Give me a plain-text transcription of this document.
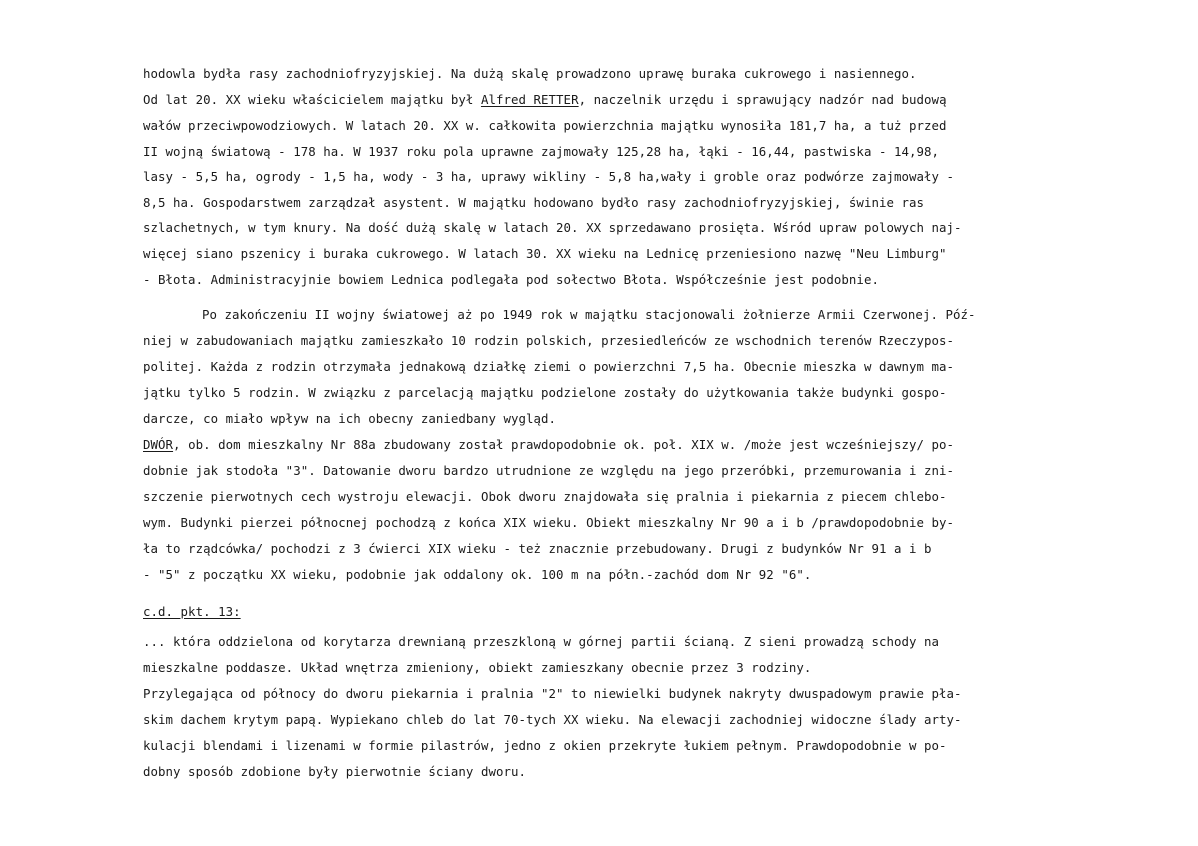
hodowla bydła rasy zachodniofryzyjskiej. Na dużą skalę prowadzono uprawę buraka cukrowego i nasiennego.
Od lat 20. XX wieku właścicielem majątku był Alfred RETTER, naczelnik urzędu i sprawujący nadzór nad budową
wałów przeciwpowodziowych. W latach 20. XX w. całkowita powierzchnia majątku wynosiła 181,7 ha, a tuż przed
II wojną światową - 178 ha. W 1937 roku pola uprawne zajmowały 125,28 ha, łąki - 16,44, pastwiska - 14,98,
lasy - 5,5 ha, ogrody - 1,5 ha, wody - 3 ha, uprawy wikliny - 5,8 ha,wały i groble oraz podwórze zajmowały -
8,5 ha. Gospodarstwem zarządzał asystent. W majątku hodowano bydło rasy zachodniofryzyjskiej, świnie ras
szlachetnych, w tym knury. Na dość dużą skalę w latach 20. XX sprzedawano prosięta. Wśród upraw polowych naj-
więcej siano pszenicy i buraka cukrowego. W latach 30. XX wieku na Lednicę przeniesiono nazwę "Neu Limburg"
- Błota. Administracyjnie bowiem Lednica podlegała pod sołectwo Błota. Współcześnie jest podobnie.
Po zakończeniu II wojny światowej aż po 1949 rok w majątku stacjonowali żołnierze Armii Czerwonej. Póź-
niej w zabudowaniach majątku zamieszkało 10 rodzin polskich, przesiedleńców ze wschodnich terenów Rzeczypos-
politej. Każda z rodzin otrzymała jednakową działkę ziemi o powierzchni 7,5 ha. Obecnie mieszka w dawnym ma-
jątku tylko 5 rodzin. W związku z parcelacją majątku podzielone zostały do użytkowania także budynki gospo-
darcze, co miało wpływ na ich obecny zaniedbany wygląd.
DWÓR, ob. dom mieszkalny Nr 88a zbudowany został prawdopodobnie ok. poł. XIX w. /może jest wcześniejszy/ po-
dobnie jak stodoła "3". Datowanie dworu bardzo utrudnione ze względu na jego przeróbki, przemurowania i zni-
szczenie pierwotnych cech wystroju elewacji. Obok dworu znajdowała się pralnia i piekarnia z piecem chlebo-
wym. Budynki pierzei północnej pochodzą z końca XIX wieku. Obiekt mieszkalny Nr 90 a i b /prawdopodobnie by-
ła to rządcówka/ pochodzi z 3 ćwierci XIX wieku - też znacznie przebudowany. Drugi z budynków Nr 91 a i b
- "5" z początku XX wieku, podobnie jak oddalony ok. 100 m na półn.-zachód dom Nr 92 "6".
c.d. pkt. 13:
... która oddzielona od korytarza drewnianą przeszkloną w górnej partii ścianą. Z sieni prowadzą schody na
mieszkalne poddasze. Układ wnętrza zmieniony, obiekt zamieszkany obecnie przez 3 rodziny.
Przylegająca od północy do dworu piekarnia i pralnia "2" to niewielki budynek nakryty dwuspadowym prawie pła-
skim dachem krytym papą. Wypiekano chleb do lat 70-tych XX wieku. Na elewacji zachodniej widoczne ślady arty-
kulacji blendami i lizenami w formie pilastrów, jedno z okien przekryte łukiem pełnym. Prawdopodobnie w po-
dobny sposób zdobione były pierwotnie ściany dworu.
